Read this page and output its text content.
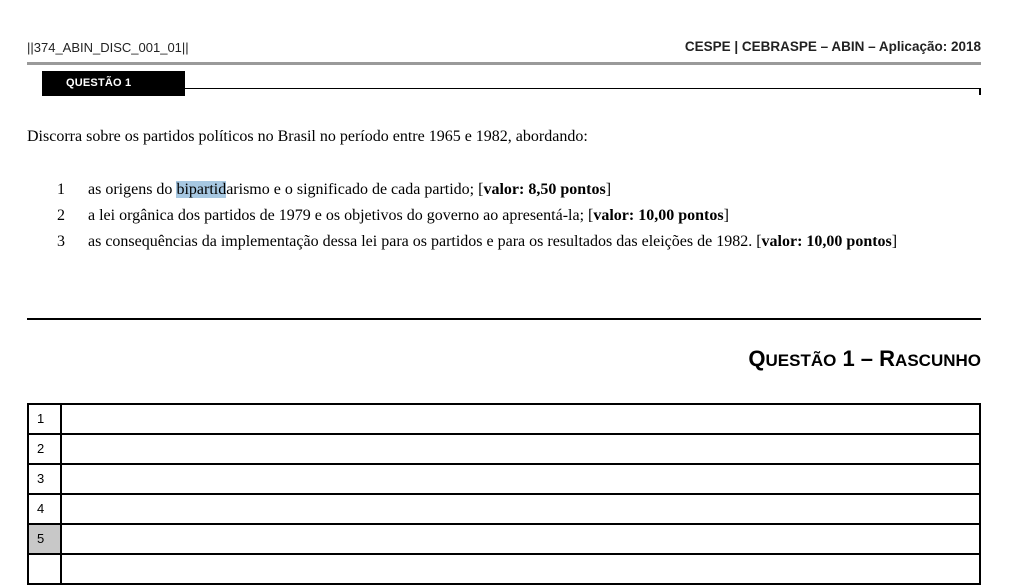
||374_ABIN_DISC_001_01||	CESPE | CEBRASPE – ABIN – Aplicação: 2018
QUESTÃO 1
Discorra sobre os partidos políticos no Brasil no período entre 1965 e 1982, abordando:
1 as origens do bipartidarismo e o significado de cada partido; [valor: 8,50 pontos]
2 a lei orgânica dos partidos de 1979 e os objetivos do governo ao apresentá-la; [valor: 10,00 pontos]
3 as consequências da implementação dessa lei para os partidos e para os resultados das eleições de 1982. [valor: 10,00 pontos]
QUESTÃO 1 – RASCUNHO
1
2
3
4
5
